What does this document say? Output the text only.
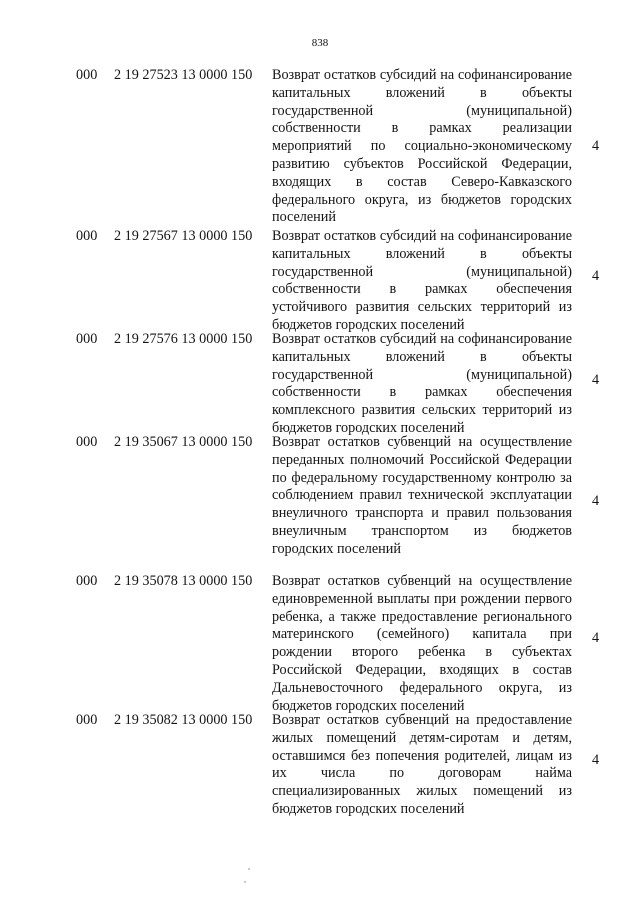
838
000 2 19 27523 13 0000 150 Возврат остатков субсидий на софинансирование капитальных вложений в объекты государственной (муниципальной) собственности в рамках реализации мероприятий по социально-экономическому развитию субъектов Российской Федерации, входящих в состав Северо-Кавказского федерального округа, из бюджетов городских поселений
4
000 2 19 27567 13 0000 150 Возврат остатков субсидий на софинансирование капитальных вложений в объекты государственной (муниципальной) собственности в рамках обеспечения устойчивого развития сельских территорий из бюджетов городских поселений
4
000 2 19 27576 13 0000 150 Возврат остатков субсидий на софинансирование капитальных вложений в объекты государственной (муниципальной) собственности в рамках обеспечения комплексного развития сельских территорий из бюджетов городских поселений
4
000 2 19 35067 13 0000 150 Возврат остатков субвенций на осуществление переданных полномочий Российской Федерации по федеральному государственному контролю за соблюдением правил технической эксплуатации внеуличного транспорта и правил пользования внеуличным транспортом из бюджетов городских поселений
4
000 2 19 35078 13 0000 150 Возврат остатков субвенций на осуществление единовременной выплаты при рождении первого ребенка, а также предоставление регионального материнского (семейного) капитала при рождении второго ребенка в субъектах Российской Федерации, входящих в состав Дальневосточного федерального округа, из бюджетов городских поселений
4
000 2 19 35082 13 0000 150 Возврат остатков субвенций на предоставление жилых помещений детям-сиротам и детям, оставшимся без попечения родителей, лицам из их числа по договорам найма специализированных жилых помещений из бюджетов городских поселений
4
